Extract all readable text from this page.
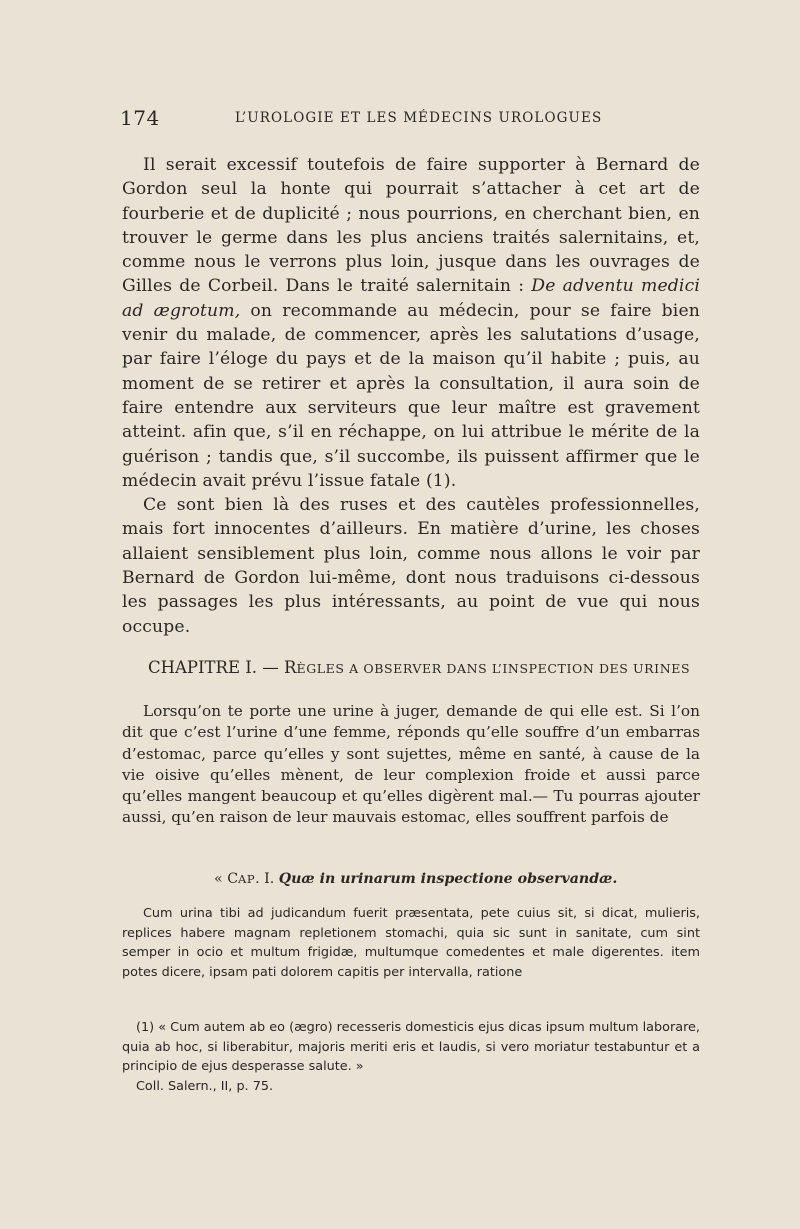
174	L’UROLOGIE ET LES MÉDECINS UROLOGUES

Il serait excessif toutefois de faire supporter à Bernard de Gordon seul la honte qui pourrait s’attacher à cet art de fourberie et de duplicité ; nous pourrions, en cherchant bien, en trouver le germe dans les plus anciens traités salernitains, et, comme nous le verrons plus loin, jusque dans les ouvrages de Gilles de Corbeil. Dans le traité salernitain : De adventu medici ad ægrotum, on recommande au médecin, pour se faire bien venir du malade, de commencer, après les salutations d’usage, par faire l’éloge du pays et de la maison qu’il habite ; puis, au moment de se retirer et après la consultation, il aura soin de faire entendre aux serviteurs que leur maître est gravement atteint. afin que, s’il en réchappe, on lui attribue le mérite de la guérison ; tandis que, s’il succombe, ils puissent affirmer que le médecin avait prévu l’issue fatale (1).

Ce sont bien là des ruses et des cautèles professionnelles, mais fort innocentes d’ailleurs. En matière d’urine, les choses allaient sensiblement plus loin, comme nous allons le voir par Bernard de Gordon lui-même, dont nous traduisons ci-dessous les passages les plus intéressants, au point de vue qui nous occupe.

CHAPITRE I. — RÈGLES A OBSERVER DANS L’INSPECTION DES URINES

Lorsqu’on te porte une urine à juger, demande de qui elle est. Si l’on dit que c’est l’urine d’une femme, réponds qu’elle souffre d’un embarras d’estomac, parce qu’elles y sont sujettes, même en santé, à cause de la vie oisive qu’elles mènent, de leur complexion froide et aussi parce qu’elles mangent beaucoup et qu’elles digèrent mal.— Tu pourras ajouter aussi, qu’en raison de leur mauvais estomac, elles souffrent parfois de

« CAP. I. Quæ in urinarum inspectione observandæ.

Cum urina tibi ad judicandum fuerit præsentata, pete cuius sit, si dicat, mulieris, replices habere magnam repletionem stomachi, quia sic sunt in sanitate, cum sint semper in ocio et multum frigidæ, multumque comedentes et male digerentes. item potes dicere, ipsam pati dolorem capitis per intervalla, ratione

(1) « Cum autem ab eo (ægro) recesseris domesticis ejus dicas ipsum multum laborare, quia ab hoc, si liberabitur, majoris meriti eris et laudis, si vero moriatur testabuntur et a principio de ejus desperasse salute. »

Coll. Salern., II, p. 75.
